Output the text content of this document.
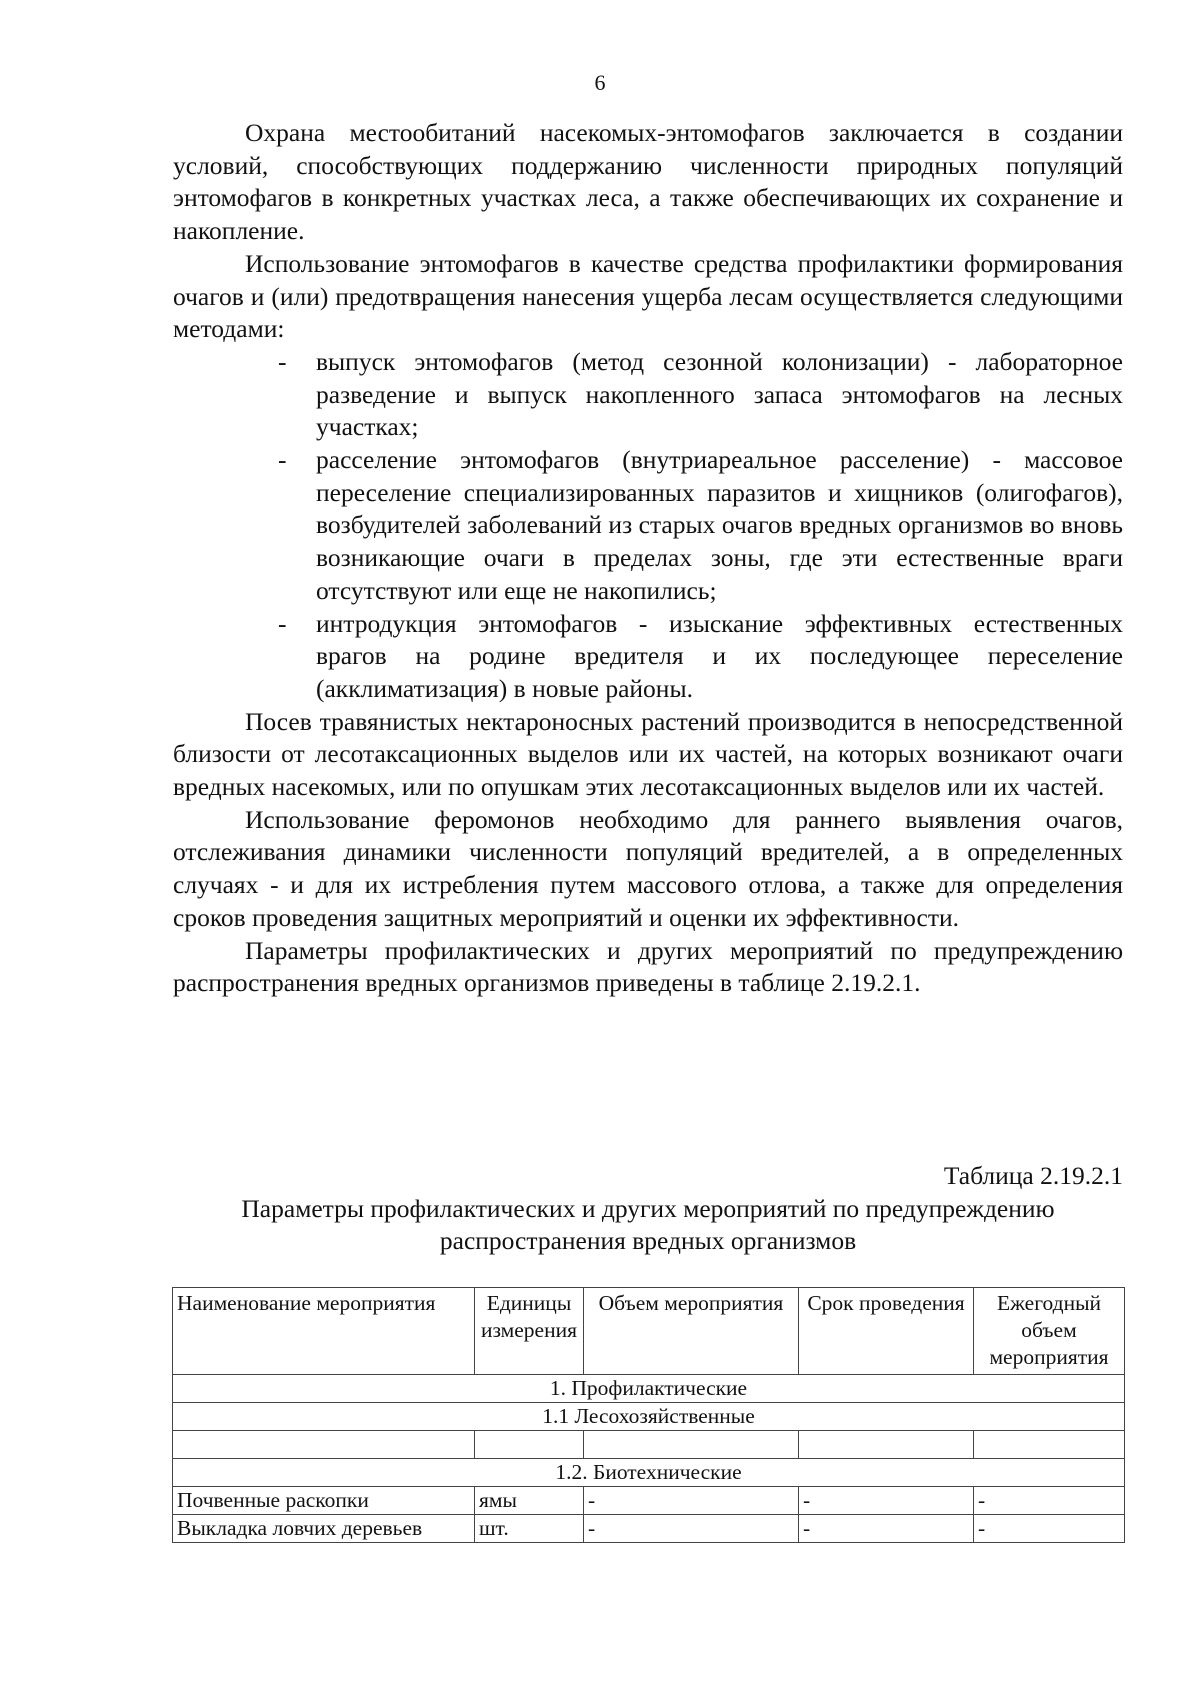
6

Охрана местообитаний насекомых-энтомофагов заключается в создании условий, способствующих поддержанию численности природных популяций энтомофагов в конкретных участках леса, а также обеспечивающих их сохранение и накопление.

Использование энтомофагов в качестве средства профилактики формирования очагов и (или) предотвращения нанесения ущерба лесам осуществляется следующими методами:

- выпуск энтомофагов (метод сезонной колонизации) - лабораторное разведение и выпуск накопленного запаса энтомофагов на лесных участках;
- расселение энтомофагов (внутриареальное расселение) - массовое переселение специализированных паразитов и хищников (олигофагов), возбудителей заболеваний из старых очагов вредных организмов во вновь возникающие очаги в пределах зоны, где эти естественные враги отсутствуют или еще не накопились;
- интродукция энтомофагов - изыскание эффективных естественных врагов на родине вредителя и их последующее переселение (акклиматизация) в новые районы.

Посев травянистых нектароносных растений производится в непосредственной близости от лесотаксационных выделов или их частей, на которых возникают очаги вредных насекомых, или по опушкам этих лесотаксационных выделов или их частей.

Использование феромонов необходимо для раннего выявления очагов, отслеживания динамики численности популяций вредителей, а в определенных случаях - и для их истребления путем массового отлова, а также для определения сроков проведения защитных мероприятий и оценки их эффективности.

Параметры профилактических и других мероприятий по предупреждению распространения вредных организмов приведены в таблице 2.19.2.1.

Таблица 2.19.2.1
Параметры профилактических и других мероприятий по предупреждению
распространения вредных организмов
Наименование мероприятия	Единицы измерения	Объем мероприятия	Срок проведения	Ежегодный объем мероприятия
1. Профилактические				
1.1 Лесохозяйственные				

1.2. Биотехнические				
Почвенные раскопки	ямы	-	-	-
Выкладка ловчих деревьев	шт.	-	-	-
